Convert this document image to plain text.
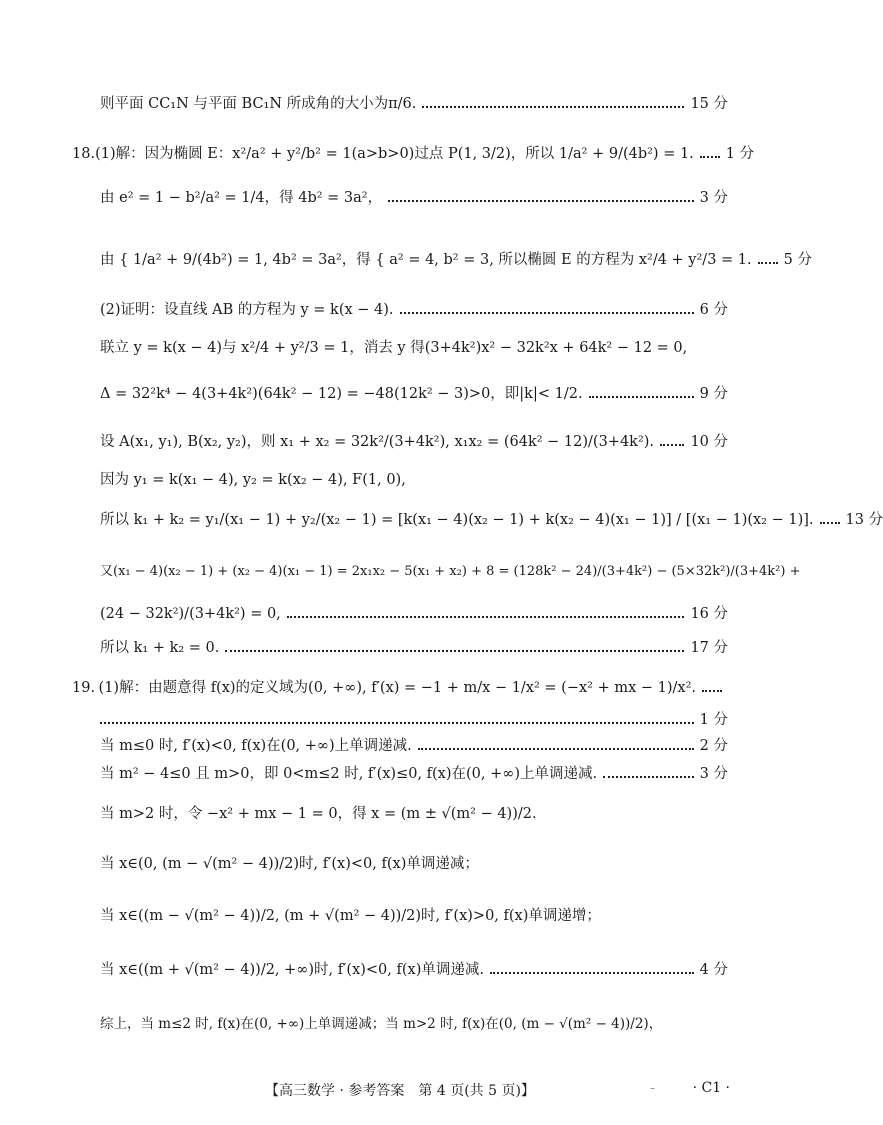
则平面 CC₁N 与平面 BC₁N 所成角的大小为π/6.	15 分
18. (1)解：因为椭圆 E：x²/a² + y²/b² = 1(a>b>0)过点 P(1, 3/2)，所以 1/a² + 9/(4b²) = 1. 1 分
由 e² = 1 − b²/a² = 1/4，得 4b² = 3a²，	3 分
由 { 1/a² + 9/(4b²) = 1, 4b² = 3a²，得 { a² = 4, b² = 3, 所以椭圆 E 的方程为 x²/4 + y²/3 = 1. 5 分
(2)证明：设直线 AB 的方程为 y = k(x − 4).	6 分
联立 y = k(x − 4)与 x²/4 + y²/3 = 1，消去 y 得(3+4k²)x² − 32k²x + 64k² − 12 = 0,
Δ = 32²k⁴ − 4(3+4k²)(64k² − 12) = −48(12k² − 3)>0，即|k|< 1/2.	9 分
设 A(x₁, y₁), B(x₂, y₂)，则 x₁ + x₂ = 32k²/(3+4k²), x₁x₂ = (64k² − 12)/(3+4k²).	10 分
因为 y₁ = k(x₁ − 4), y₂ = k(x₂ − 4), F(1, 0),
所以 k₁ + k₂ = y₁/(x₁ − 1) + y₂/(x₂ − 1) = [k(x₁ − 4)(x₂ − 1) + k(x₂ − 4)(x₁ − 1)] / [(x₁ − 1)(x₂ − 1)]. 13 分
又(x₁ − 4)(x₂ − 1) + (x₂ − 4)(x₁ − 1) = 2x₁x₂ − 5(x₁ + x₂) + 8 = (128k² − 24)/(3+4k²) − (5×32k²)/(3+4k²) +
(24 − 32k²)/(3+4k²) = 0,	16 分
所以 k₁ + k₂ = 0.	17 分
19. (1)解：由题意得 f(x)的定义域为(0, +∞), f′(x) = −1 + m/x − 1/x² = (−x² + mx − 1)/x².
1 分
当 m≤0 时, f′(x)<0, f(x)在(0, +∞)上单调递减.	2 分
当 m² − 4≤0 且 m>0，即 0<m≤2 时, f′(x)≤0, f(x)在(0, +∞)上单调递减.	3 分
当 m>2 时，令 −x² + mx − 1 = 0，得 x = (m ± √(m² − 4))/2.
当 x∈(0, (m − √(m² − 4))/2)时, f′(x)<0, f(x)单调递减；
当 x∈((m − √(m² − 4))/2, (m + √(m² − 4))/2)时, f′(x)>0, f(x)单调递增；
当 x∈((m + √(m² − 4))/2, +∞)时, f′(x)<0, f(x)单调递减.	4 分
综上，当 m≤2 时, f(x)在(0, +∞)上单调递减；当 m>2 时, f(x)在(0, (m − √(m² − 4))/2)，
【高三数学 · 参考答案　第 4 页(共 5 页)】	⁻	· C1 ·
